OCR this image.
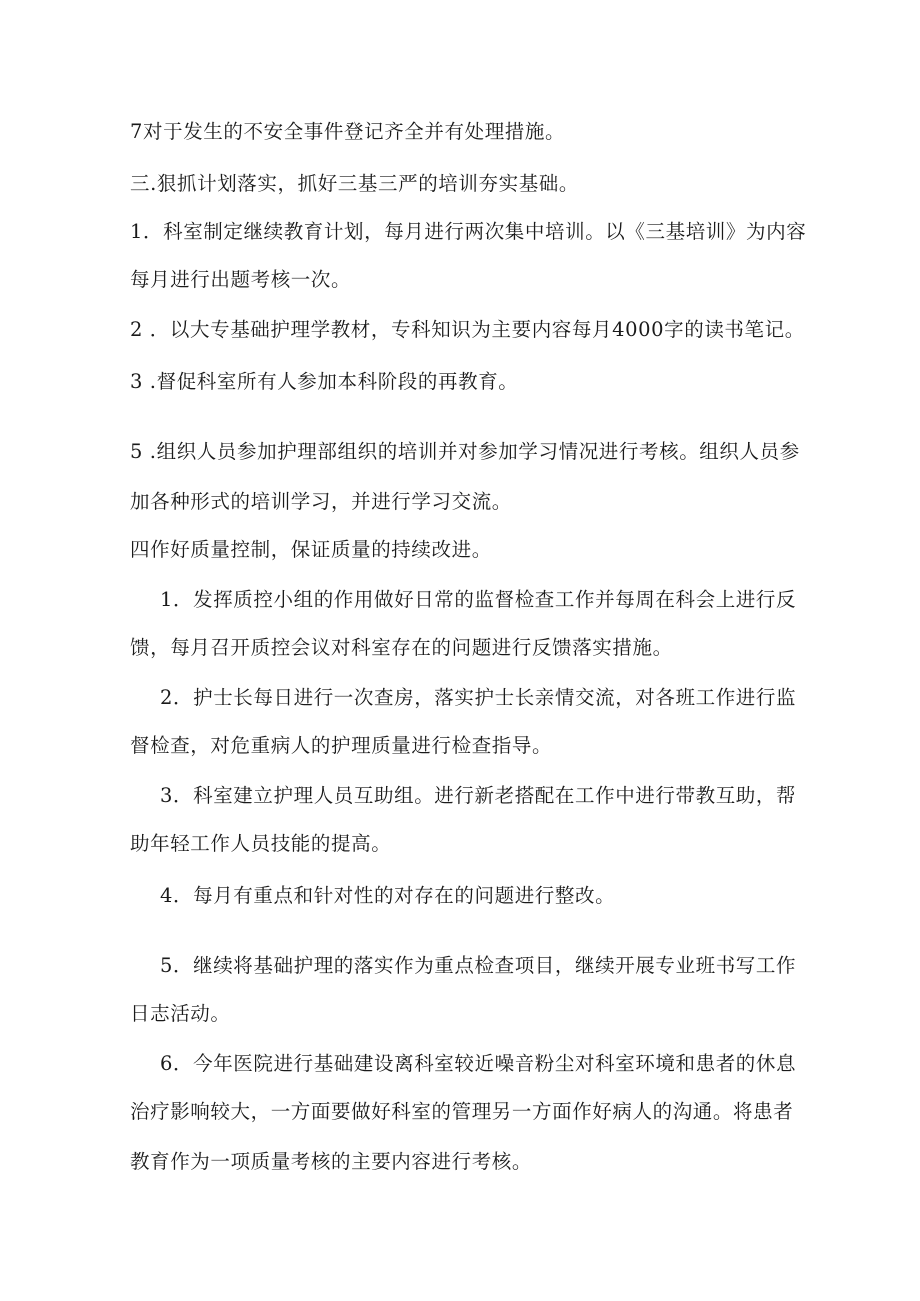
7对于发生的不安全事件登记齐全并有处理措施。
三.狠抓计划落实，抓好三基三严的培训夯实基础。
1．科室制定继续教育计划，每月进行两次集中培训。以《三基培训》为内容
每月进行出题考核一次。
2 ．以大专基础护理学教材，专科知识为主要内容每月4000字的读书笔记。
3 .督促科室所有人参加本科阶段的再教育。
5 .组织人员参加护理部组织的培训并对参加学习情况进行考核。组织人员参
加各种形式的培训学习，并进行学习交流。
四作好质量控制，保证质量的持续改进。
1．发挥质控小组的作用做好日常的监督检查工作并每周在科会上进行反
馈，每月召开质控会议对科室存在的问题进行反馈落实措施。
2．护士长每日进行一次查房，落实护士长亲情交流，对各班工作进行监
督检查，对危重病人的护理质量进行检查指导。
3．科室建立护理人员互助组。进行新老搭配在工作中进行带教互助，帮
助年轻工作人员技能的提高。
4．每月有重点和针对性的对存在的问题进行整改。
5．继续将基础护理的落实作为重点检查项目，继续开展专业班书写工作
日志活动。
6．今年医院进行基础建设离科室较近噪音粉尘对科室环境和患者的休息
治疗影响较大，一方面要做好科室的管理另一方面作好病人的沟通。将患者
教育作为一项质量考核的主要内容进行考核。
